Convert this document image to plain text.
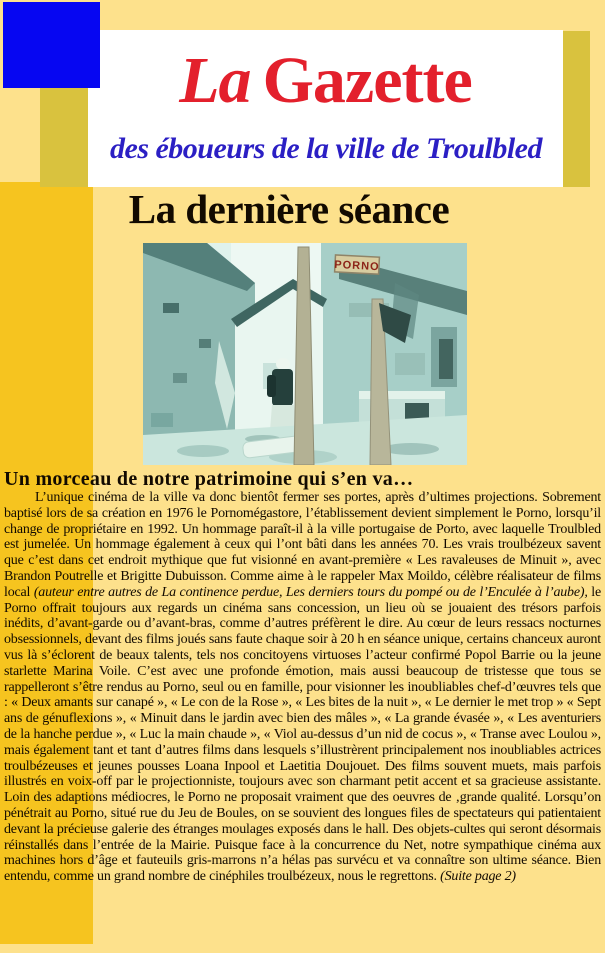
La Gazette
des éboueurs de la ville de Troulbled
La dernière séance
PORNO
Un morceau de notre patrimoine qui s’en va…

L’unique cinéma de la ville va donc bientôt fermer ses portes, après d’ultimes projections. Sobrement baptisé lors de sa création en 1976 le Pornomégastore, l’établissement devient simplement le Porno, lorsqu’il change de propriétaire en 1992. Un hommage paraît-il à la ville portugaise de Porto, avec laquelle Troulbled est jumelée. Un hommage également à ceux qui l’ont bâti dans les années 70. Les vrais troulbézeux savent que c’est dans cet endroit mythique que fut visionné en avant-première « Les ravaleuses de Minuit », avec Brandon Poutrelle et Brigitte Dubuisson. Comme aime à le rappeler Max Moildo, célèbre réalisateur de films local (auteur entre autres de La continence perdue, Les derniers tours du pompé ou de l’Enculée à l’aube), le Porno offrait toujours aux regards un cinéma sans concession, un lieu où se jouaient des trésors parfois inédits, d’avant-garde ou d’avant-bras, comme d’autres préfèrent le dire. Au cœur de leurs ressacs nocturnes obsessionnels, devant des films joués sans faute chaque soir à 20 h en séance unique, certains chanceux auront vus là s’éclorent de beaux talents, tels nos concitoyens virtuoses l’acteur confirmé Popol Barrie ou la jeune starlette Marina Voile. C’est avec une profonde émotion, mais aussi beaucoup de tristesse que tous se rappelleront s’être rendus au Porno, seul ou en famille, pour visionner les inoubliables chef-d’œuvres tels que : « Deux amants sur canapé », « Le con de la Rose », « Les bites de la nuit », « Le dernier le met trop » « Sept ans de génuflexions », « Minuit dans le jardin avec bien des mâles », « La grande évasée », « Les aventuriers de la hanche perdue », « Luc la main chaude », « Viol au-dessus d’un nid de cocus », « Transe avec Loulou », mais également tant et tant d’autres films dans lesquels s’illustrèrent principalement nos inoubliables actrices troulbézeuses et jeunes pousses Loana Inpool et Laetitia Doujouet. Des films souvent muets, mais parfois illustrés en voix-off par le projectionniste, toujours avec son charmant petit accent et sa gracieuse assistante. Loin des adaptions médiocres, le Porno ne proposait vraiment que des oeuvres de ‚grande qualité. Lorsqu’on pénétrait au Porno, situé rue du Jeu de Boules, on se souvient des longues files de spectateurs qui patientaient devant la précieuse galerie des étranges moulages exposés dans le hall. Des objets-cultes qui seront désormais réinstallés dans l’entrée de la Mairie. Puisque face à la concurrence du Net, notre sympathique cinéma aux machines hors d’âge et fauteuils gris-marrons n’a hélas pas survécu et va connaître son ultime séance. Bien entendu, comme un grand nombre de cinéphiles troulbézeux, nous le regrettons. (Suite page 2)
